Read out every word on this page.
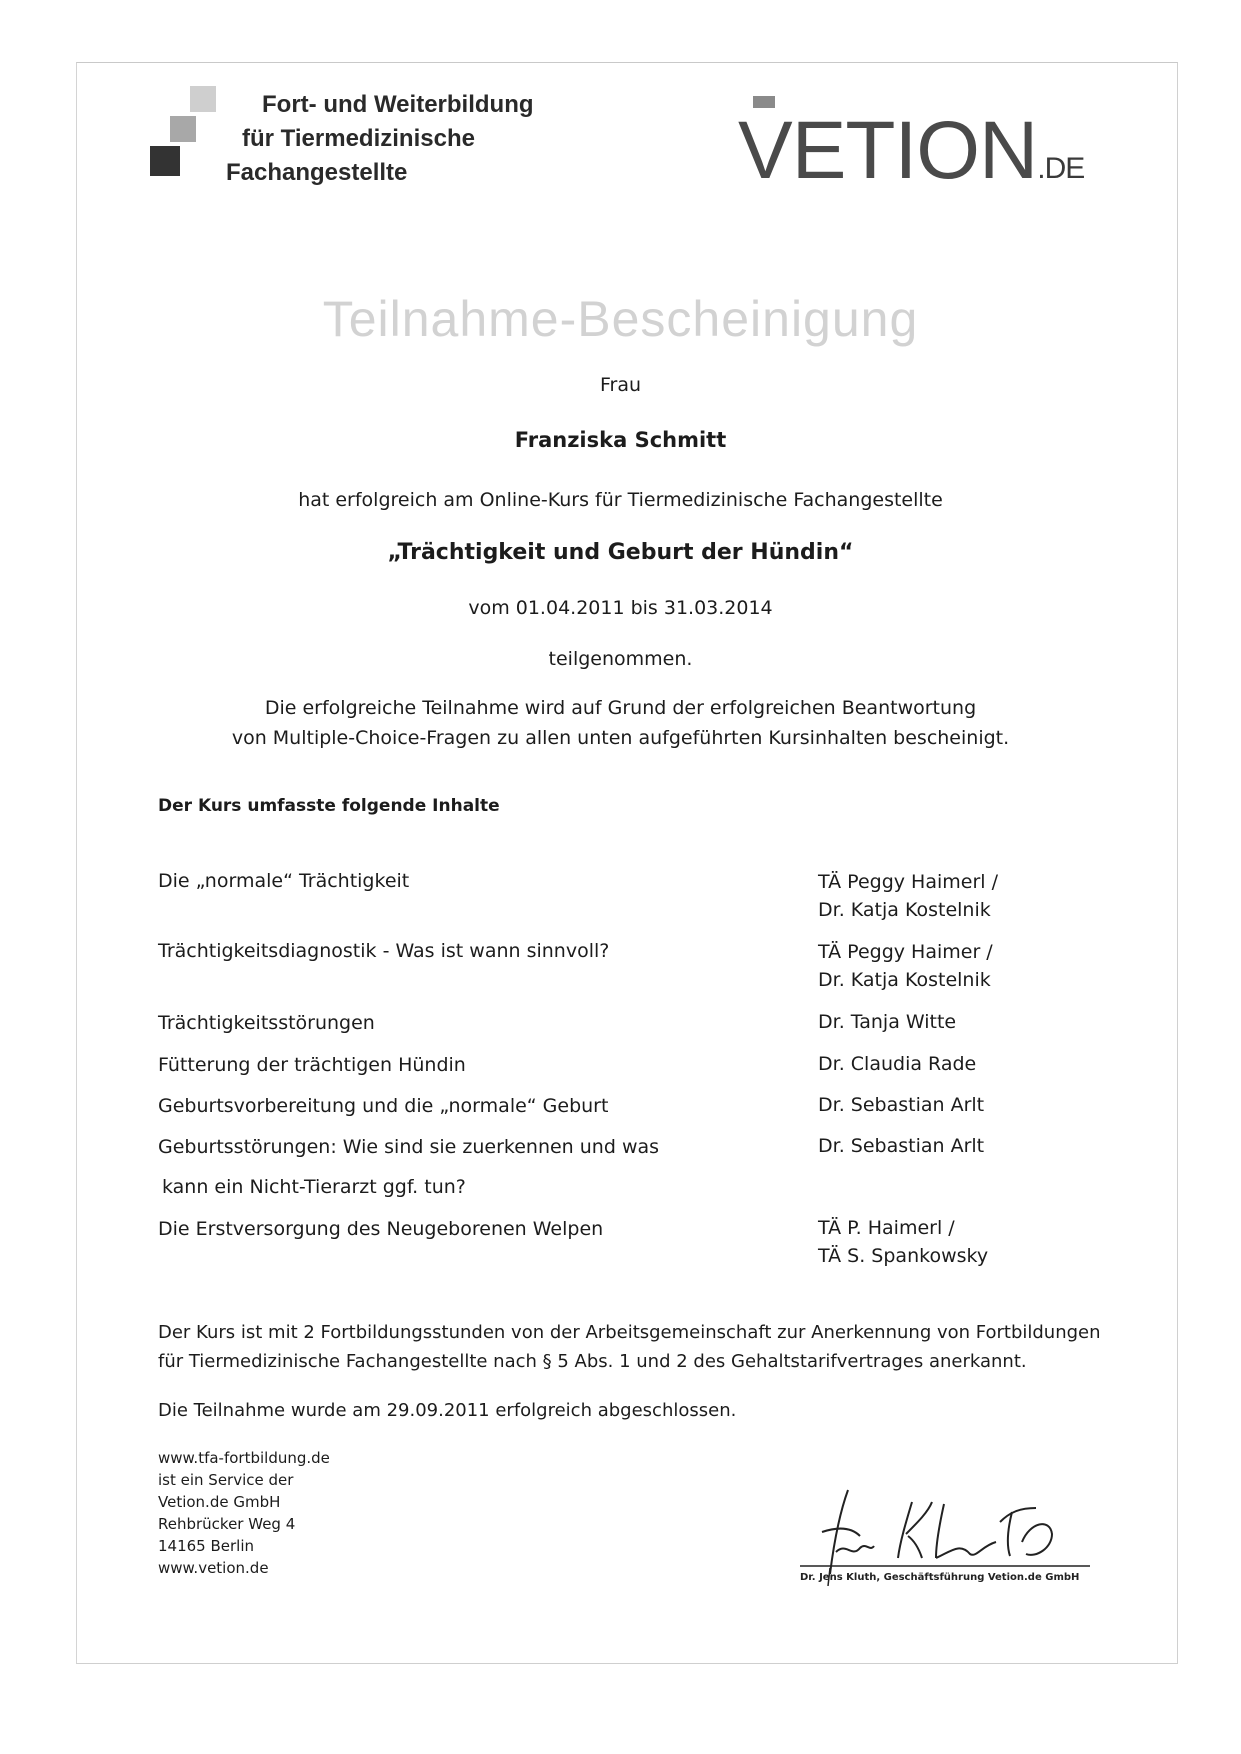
Fort- und Weiterbildung
für Tiermedizinische
Fachangestellte	VETION.DE
Teilnahme-Bescheinigung
Frau
Franziska Schmitt
hat erfolgreich am Online-Kurs für Tiermedizinische Fachangestellte
„Trächtigkeit und Geburt der Hündin“
vom 01.04.2011 bis 31.03.2014
teilgenommen.
Die erfolgreiche Teilnahme wird auf Grund der erfolgreichen Beantwortung
von Multiple-Choice-Fragen zu allen unten aufgeführten Kursinhalten bescheinigt.
Der Kurs umfasste folgende Inhalte
Die „normale“ Trächtigkeit	TÄ Peggy Haimerl /
Dr. Katja Kostelnik
Trächtigkeitsdiagnostik - Was ist wann sinnvoll?	TÄ Peggy Haimer /
Dr. Katja Kostelnik
Trächtigkeitsstörungen	Dr. Tanja Witte
Fütterung der trächtigen Hündin	Dr. Claudia Rade
Geburtsvorbereitung und die „normale“ Geburt	Dr. Sebastian Arlt
Geburtsstörungen: Wie sind sie zuerkennen und was	Dr. Sebastian Arlt
kann ein Nicht-Tierarzt ggf. tun?
Die Erstversorgung des Neugeborenen Welpen	TÄ P. Haimerl /
TÄ S. Spankowsky
Der Kurs ist mit 2 Fortbildungsstunden von der Arbeitsgemeinschaft zur Anerkennung von Fortbildungen
für Tiermedizinische Fachangestellte nach § 5 Abs. 1 und 2 des Gehaltstarifvertrages anerkannt.
Die Teilnahme wurde am 29.09.2011 erfolgreich abgeschlossen.
www.tfa-fortbildung.de
ist ein Service der
Vetion.de GmbH
Rehbrücker Weg 4
14165 Berlin
www.vetion.de
Dr. Jens Kluth, Geschäftsführung Vetion.de GmbH
